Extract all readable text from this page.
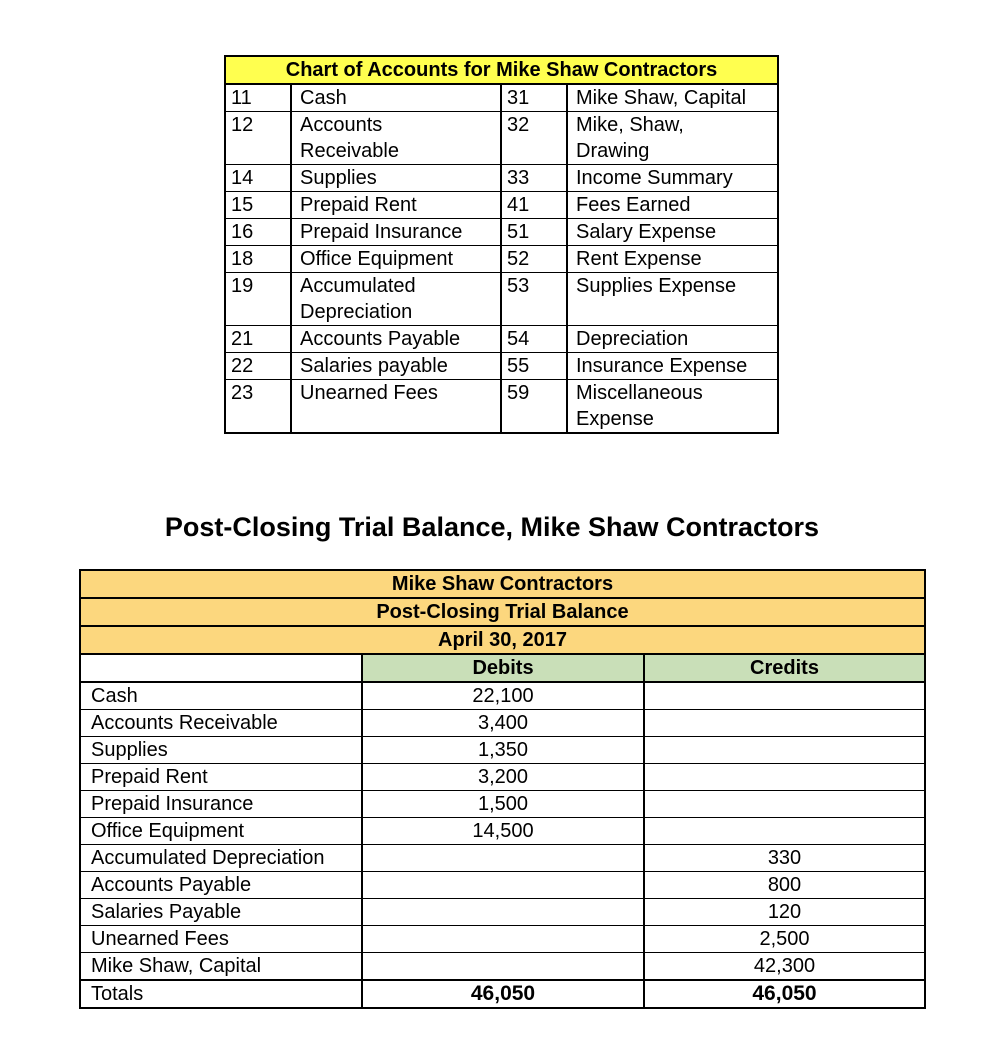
Chart of Accounts for Mike Shaw Contractors			
11	Cash	31	Mike Shaw, Capital
12	Accounts
Receivable	32	Mike, Shaw,
Drawing
14	Supplies	33	Income Summary
15	Prepaid Rent	41	Fees Earned
16	Prepaid Insurance	51	Salary Expense
18	Office Equipment	52	Rent Expense
19	Accumulated
Depreciation	53	Supplies Expense
21	Accounts Payable	54	Depreciation
22	Salaries payable	55	Insurance Expense
23	Unearned Fees	59	Miscellaneous
Expense
Post-Closing Trial Balance, Mike Shaw Contractors
Mike Shaw Contractors		
Post-Closing Trial Balance		
April 30, 2017		
	Debits	Credits
Cash	22,100	
Accounts Receivable	3,400	
Supplies	1,350	
Prepaid Rent	3,200	
Prepaid Insurance	1,500	
Office Equipment	14,500	
Accumulated Depreciation		330
Accounts Payable		800
Salaries Payable		120
Unearned Fees		2,500
Mike Shaw, Capital		42,300
Totals	46,050	46,050
